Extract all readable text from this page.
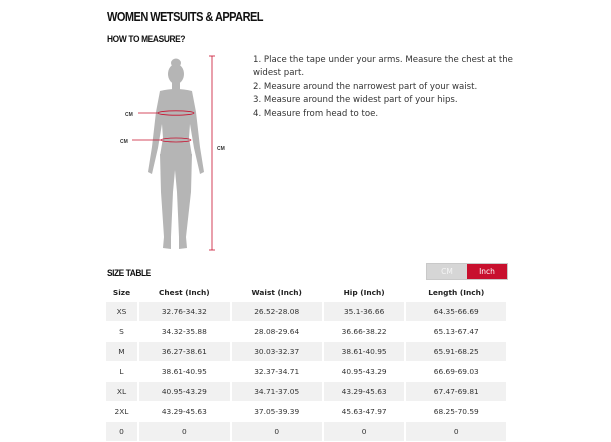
WOMEN WETSUITS & APPAREL
HOW TO MEASURE?
CM
CM
CM
1. Place the tape under your arms. Measure the chest at the
widest part.
2. Measure around the narrowest part of your waist.
3. Measure around the widest part of your hips.
4. Measure from head to toe.
SIZE TABLE	CM	Inch
Size	Chest (Inch)	Waist (Inch)	Hip (Inch)	Length (Inch)
XS	32.76-34.32	26.52-28.08	35.1-36.66	64.35-66.69
S	34.32-35.88	28.08-29.64	36.66-38.22	65.13-67.47
M	36.27-38.61	30.03-32.37	38.61-40.95	65.91-68.25
L	38.61-40.95	32.37-34.71	40.95-43.29	66.69-69.03
XL	40.95-43.29	34.71-37.05	43.29-45.63	67.47-69.81
2XL	43.29-45.63	37.05-39.39	45.63-47.97	68.25-70.59
0	0	0	0	0
